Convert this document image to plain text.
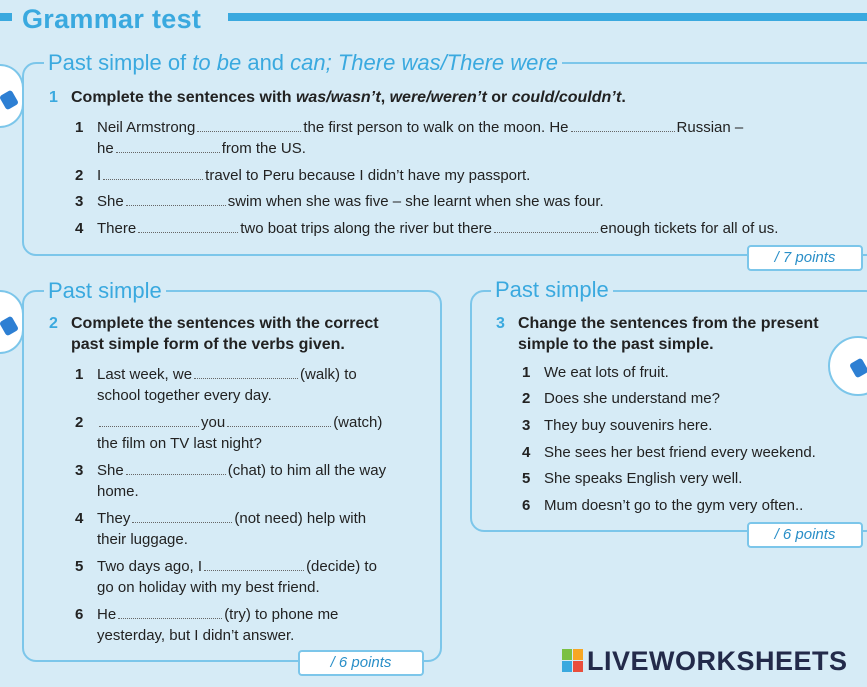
Grammar test
Past simple of to be and can; There was/There were
1 Complete the sentences with was/wasn’t, were/weren’t or could/couldn’t.
1 Neil Armstrong	the first person to walk on the moon. He	Russian –
he	from the US.
2 I	travel to Peru because I didn’t have my passport.
3 She	swim when she was five – she learnt when she was four.
4 There	two boat trips along the river but there	enough tickets for all of us.
/ 7 points
Past simple
2 Complete the sentences with the correct
past simple form of the verbs given.
1 Last week, we	(walk) to
school together every day.
2	you	(watch)
the film on TV last night?
3 She	(chat) to him all the way
home.
4 They	(not need) help with
their luggage.
5 Two days ago, I	(decide) to
go on holiday with my best friend.
6 He	(try) to phone me
yesterday, but I didn’t answer.
/ 6 points
Past simple
3 Change the sentences from the present
simple to the past simple.
1 We eat lots of fruit.
2 Does she understand me?
3 They buy souvenirs here.
4 She sees her best friend every weekend.
5 She speaks English very well.
6 Mum doesn’t go to the gym very often..
/ 6 points
LIVEWORKSHEETS
